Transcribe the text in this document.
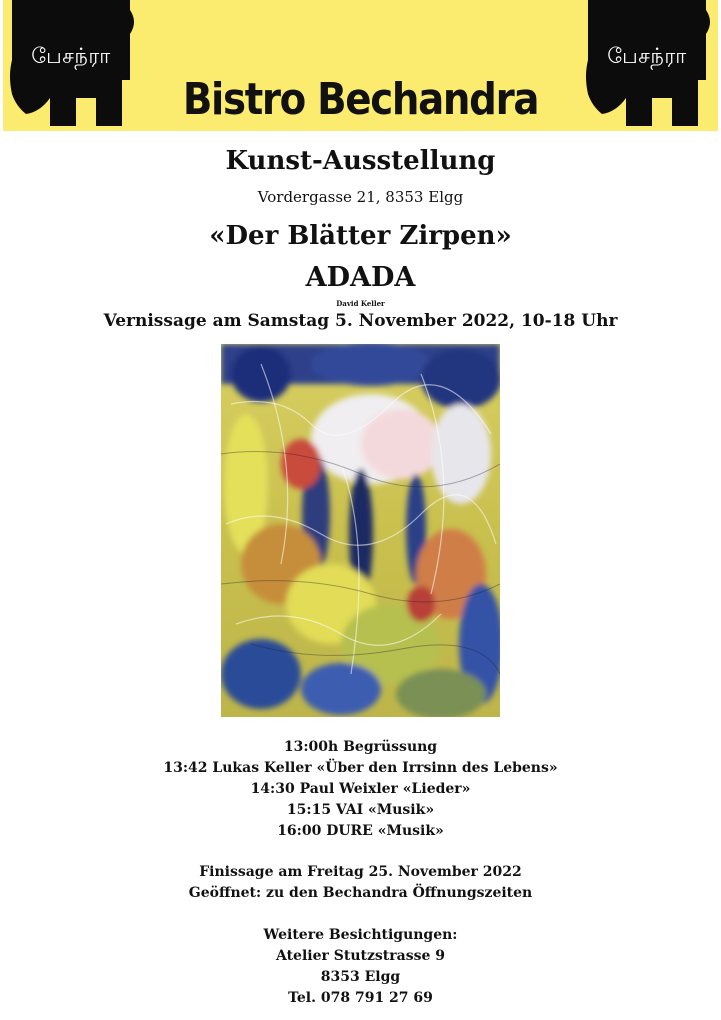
பேசந்ரா	பேசந்ரா
Bistro Bechandra
Kunst-Ausstellung
Vordergasse 21, 8353 Elgg
«Der Blätter Zirpen»
ADADA
David Keller
Vernissage am Samstag 5. November 2022, 10-18 Uhr
13:00h Begrüssung
13:42 Lukas Keller «Über den Irrsinn des Lebens»
14:30 Paul Weixler «Lieder»
15:15 VAI «Musik»
16:00 DURE «Musik»
Finissage am Freitag 25. November 2022
Geöffnet: zu den Bechandra Öffnungszeiten
Weitere Besichtigungen:
Atelier Stutzstrasse 9
8353 Elgg
Tel. 078 791 27 69
